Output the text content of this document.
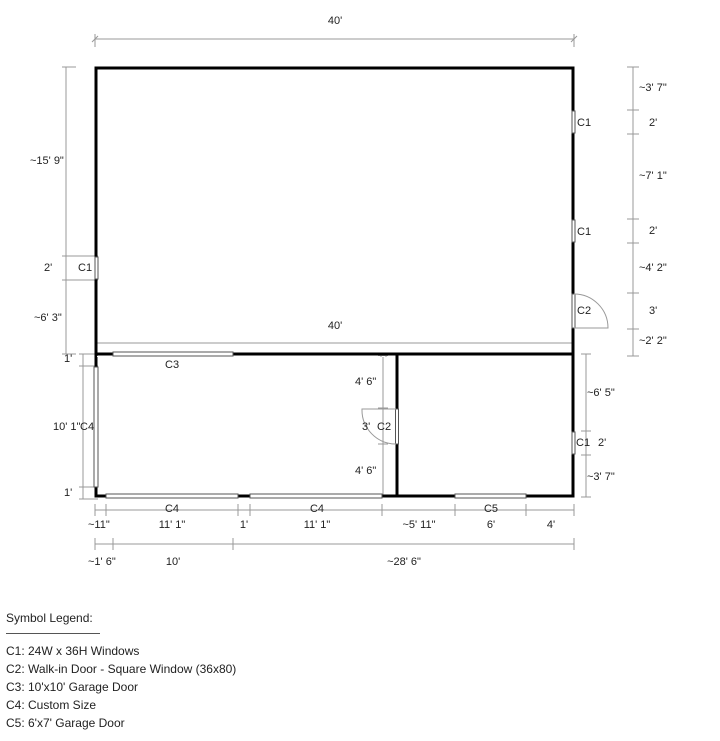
40'
40'
~3' 7"
2'
~7' 1"
2'
~4' 2"
3'
~2' 2"
~15' 9"
2'
~6' 3"
1'
10' 1"
1'
~6' 5"
2'
~3' 7"
4' 6"
3'
4' 6"
~11"	11' 1"	1'	11' 1"	~5' 11"	6'	4'
~1' 6"	10'	~28' 6"
C1
C1
C1
C1
C2
C2
C3
C4
C4	C4	C5

Symbol Legend:

C1: 24W x 36H Windows
C2: Walk-in Door - Square Window (36x80)
C3: 10'x10' Garage Door
C4: Custom Size
C5: 6'x7' Garage Door
